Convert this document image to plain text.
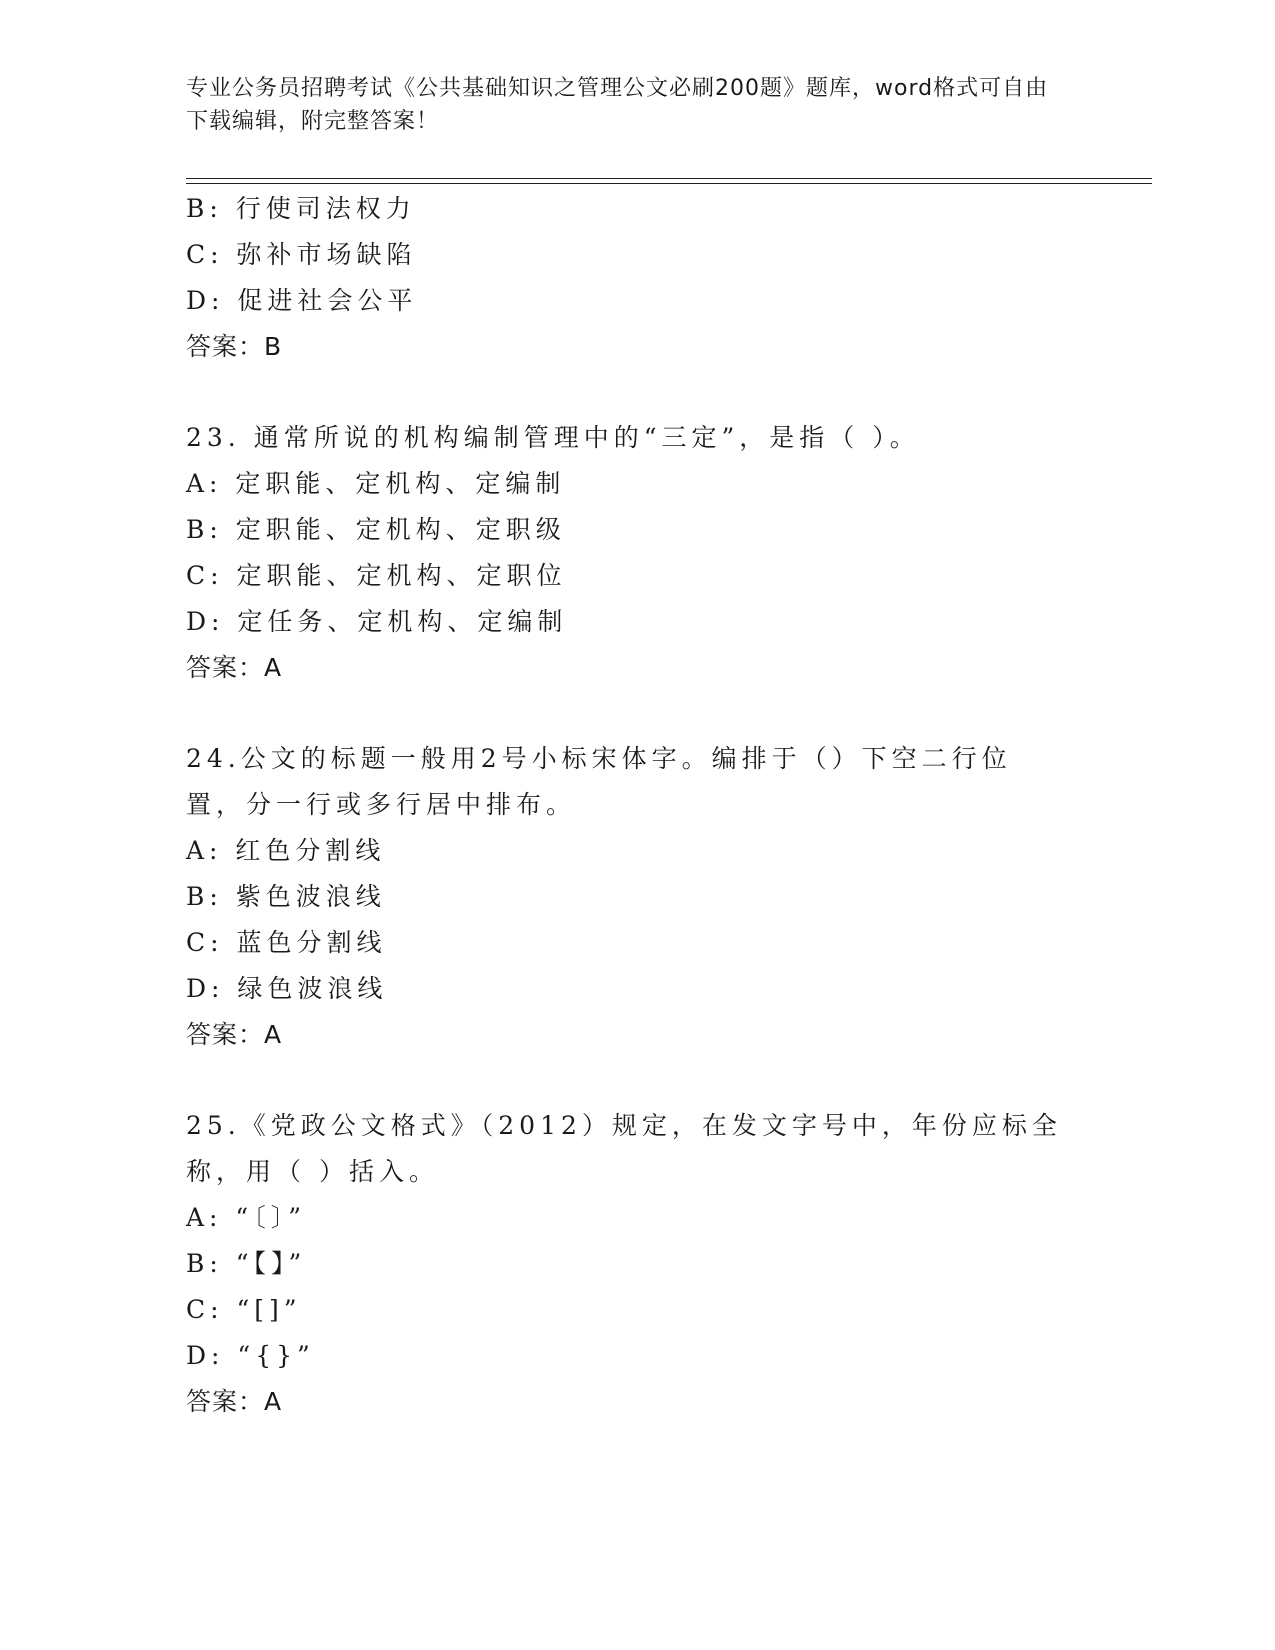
专业公务员招聘考试《公共基础知识之管理公文必刷200题》题库，word格式可自由下载编辑，附完整答案！
B: 行使司法权力
C: 弥补市场缺陷
D: 促进社会公平
答案：B
23. 通常所说的机构编制管理中的“三定”，是指（ ）。
A: 定职能、定机构、定编制
B: 定职能、定机构、定职级
C: 定职能、定机构、定职位
D: 定任务、定机构、定编制
答案：A
24.公文的标题一般用2号小标宋体字。编排于（）下空二行位置，分一行或多行居中排布。
A: 红色分割线
B: 紫色波浪线
C: 蓝色分割线
D: 绿色波浪线
答案：A
25.《党政公文格式》（2012）规定，在发文字号中，年份应标全称，用（ ）括入。
A: “〔〕”
B: “【】”
C: “[]”
D: “{}”
答案：A
